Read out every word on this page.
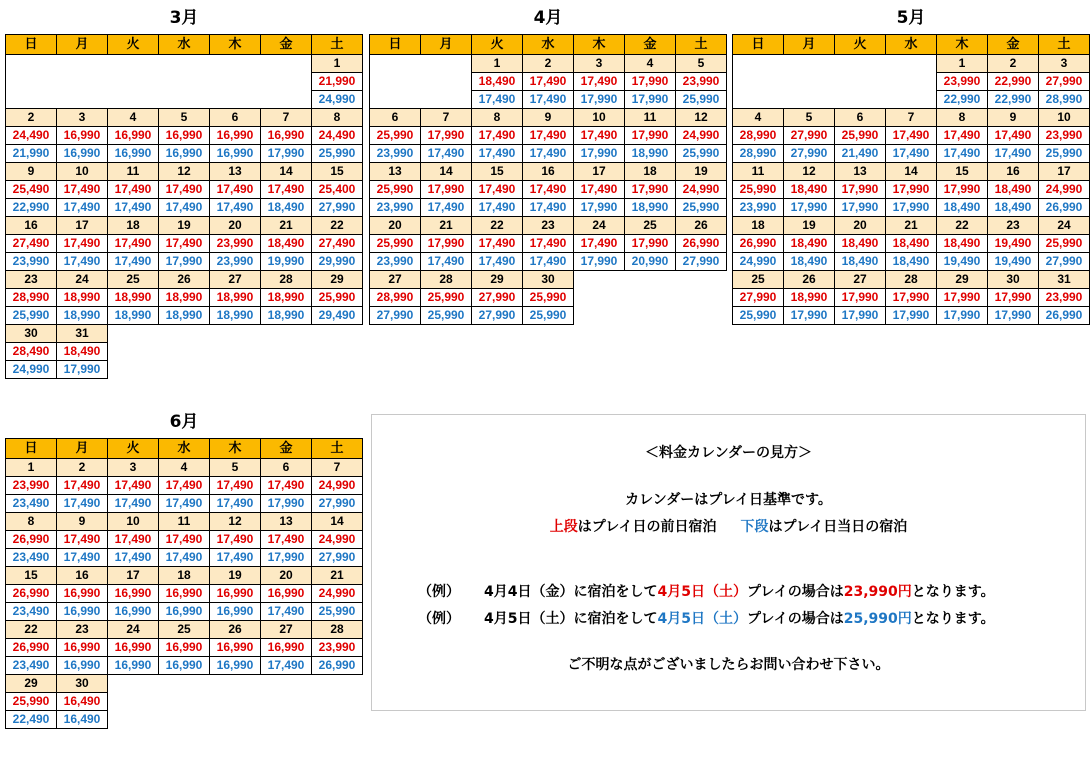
3月
日	月	火	水	木	金	土
						1
						21,990
						24,990
2	3	4	5	6	7	8
24,490	16,990	16,990	16,990	16,990	16,990	24,490
21,990	16,990	16,990	16,990	16,990	17,990	25,990
9	10	11	12	13	14	15
25,490	17,490	17,490	17,490	17,490	17,490	25,400
22,990	17,490	17,490	17,490	17,490	18,490	27,990
16	17	18	19	20	21	22
27,490	17,490	17,490	17,490	23,990	18,490	27,490
23,990	17,490	17,490	17,990	23,990	19,990	29,990
23	24	25	26	27	28	29
28,990	18,990	18,990	18,990	18,990	18,990	25,990
25,990	18,990	18,990	18,990	18,990	18,990	29,490
30	31					
28,490	18,490					
24,990	17,990					
4月
日	月	火	水	木	金	土
		1	2	3	4	5
		18,490	17,490	17,490	17,990	23,990
		17,490	17,490	17,990	17,990	25,990
6	7	8	9	10	11	12
25,990	17,990	17,490	17,490	17,490	17,990	24,990
23,990	17,490	17,490	17,490	17,990	18,990	25,990
13	14	15	16	17	18	19
25,990	17,990	17,490	17,490	17,490	17,990	24,990
23,990	17,490	17,490	17,490	17,990	18,990	25,990
20	21	22	23	24	25	26
25,990	17,990	17,490	17,490	17,490	17,990	26,990
23,990	17,490	17,490	17,490	17,990	20,990	27,990
27	28	29	30			
28,990	25,990	27,990	25,990			
27,990	25,990	27,990	25,990			
5月
日	月	火	水	木	金	土
				1	2	3
				23,990	22,990	27,990
				22,990	22,990	28,990
4	5	6	7	8	9	10
28,990	27,990	25,990	17,490	17,490	17,490	23,990
28,990	27,990	21,490	17,490	17,490	17,490	25,990
11	12	13	14	15	16	17
25,990	18,490	17,990	17,990	17,990	18,490	24,990
23,990	17,990	17,990	17,990	18,490	18,490	26,990
18	19	20	21	22	23	24
26,990	18,490	18,490	18,490	18,490	19,490	25,990
24,990	18,490	18,490	18,490	19,490	19,490	27,990
25	26	27	28	29	30	31
27,990	18,990	17,990	17,990	17,990	17,990	23,990
25,990	17,990	17,990	17,990	17,990	17,990	26,990
6月
日	月	火	水	木	金	土
1	2	3	4	5	6	7
23,990	17,490	17,490	17,490	17,490	17,490	24,990
23,490	17,490	17,490	17,490	17,490	17,990	27,990
8	9	10	11	12	13	14
26,990	17,490	17,490	17,490	17,490	17,490	24,990
23,490	17,490	17,490	17,490	17,490	17,990	27,990
15	16	17	18	19	20	21
26,990	16,990	16,990	16,990	16,990	16,990	24,990
23,490	16,990	16,990	16,990	16,990	17,490	25,990
22	23	24	25	26	27	28
26,990	16,990	16,990	16,990	16,990	16,990	23,990
23,490	16,990	16,990	16,990	16,990	17,490	26,990
29	30					
25,990	16,490					
22,490	16,490					
＜料金カレンダーの見方＞
カレンダーはプレイ日基準です。
上段はプレイ日の前日宿泊 下段はプレイ日当日の宿泊
（例） 4月4日（金）に宿泊をして4月5日（土）プレイの場合は23,990円となります。
（例） 4月5日（土）に宿泊をして4月5日（土）プレイの場合は25,990円となります。
ご不明な点がございましたらお問い合わせ下さい。
